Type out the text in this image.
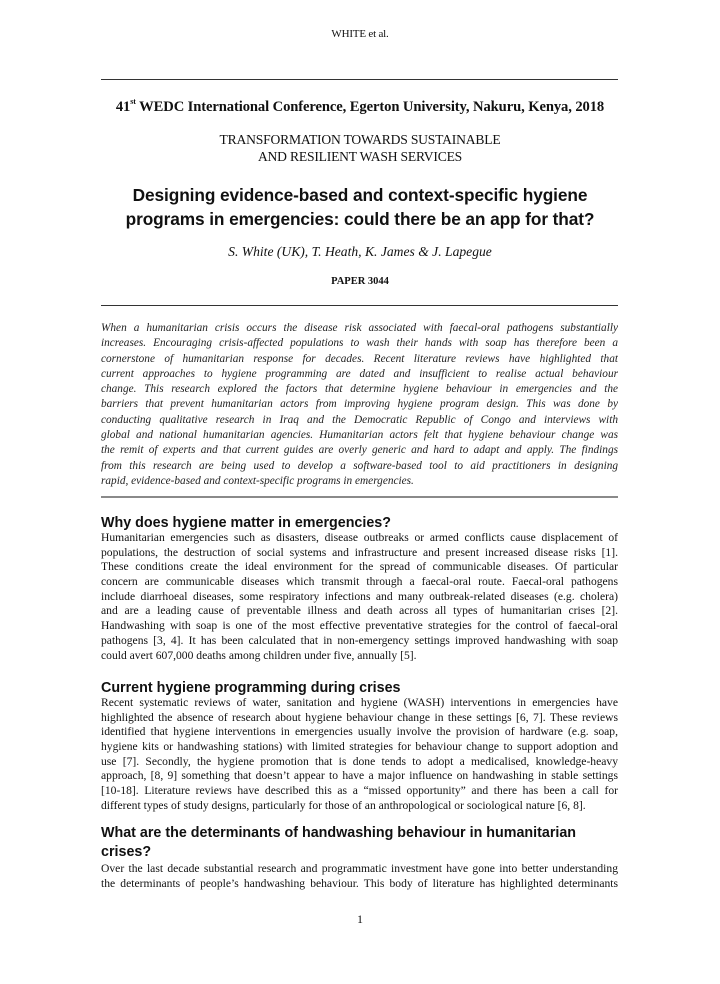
WHITE et al.
41st WEDC International Conference, Egerton University, Nakuru, Kenya, 2018
TRANSFORMATION TOWARDS SUSTAINABLE
AND RESILIENT WASH SERVICES
Designing evidence-based and context-specific hygiene
programs in emergencies: could there be an app for that?
S. White (UK), T. Heath, K. James & J. Lapegue
PAPER 3044
When a humanitarian crisis occurs the disease risk associated with faecal-oral pathogens substantially
increases. Encouraging crisis-affected populations to wash their hands with soap has therefore been a
cornerstone of humanitarian response for decades. Recent literature reviews have highlighted that
current approaches to hygiene programming are dated and insufficient to realise actual behaviour
change. This research explored the factors that determine hygiene behaviour in emergencies and the
barriers that prevent humanitarian actors from improving hygiene program design. This was done by
conducting qualitative research in Iraq and the Democratic Republic of Congo and interviews with
global and national humanitarian agencies. Humanitarian actors felt that hygiene behaviour change was
the remit of experts and that current guides are overly generic and hard to adapt and apply. The findings
from this research are being used to develop a software-based tool to aid practitioners in designing
rapid, evidence-based and context-specific programs in emergencies.
Why does hygiene matter in emergencies?
Humanitarian emergencies such as disasters, disease outbreaks or armed conflicts cause displacement of
populations, the destruction of social systems and infrastructure and present increased disease risks [1].
These conditions create the ideal environment for the spread of communicable diseases. Of particular
concern are communicable diseases which transmit through a faecal-oral route. Faecal-oral pathogens
include diarrhoeal diseases, some respiratory infections and many outbreak-related diseases (e.g. cholera)
and are a leading cause of preventable illness and death across all types of humanitarian crises [2].
Handwashing with soap is one of the most effective preventative strategies for the control of faecal-oral
pathogens [3, 4]. It has been calculated that in non-emergency settings improved handwashing with soap
could avert 607,000 deaths among children under five, annually [5].
Current hygiene programming during crises
Recent systematic reviews of water, sanitation and hygiene (WASH) interventions in emergencies have
highlighted the absence of research about hygiene behaviour change in these settings [6, 7]. These reviews
identified that hygiene interventions in emergencies usually involve the provision of hardware (e.g. soap,
hygiene kits or handwashing stations) with limited strategies for behaviour change to support adoption and
use [7]. Secondly, the hygiene promotion that is done tends to adopt a medicalised, knowledge-heavy
approach, [8, 9] something that doesn’t appear to have a major influence on handwashing in stable settings
[10-18]. Literature reviews have described this as a “missed opportunity” and there has been a call for
different types of study designs, particularly for those of an anthropological or sociological nature [6, 8].
What are the determinants of handwashing behaviour in humanitarian
crises?
Over the last decade substantial research and programmatic investment have gone into better understanding
the determinants of people’s handwashing behaviour. This body of literature has highlighted determinants
1
